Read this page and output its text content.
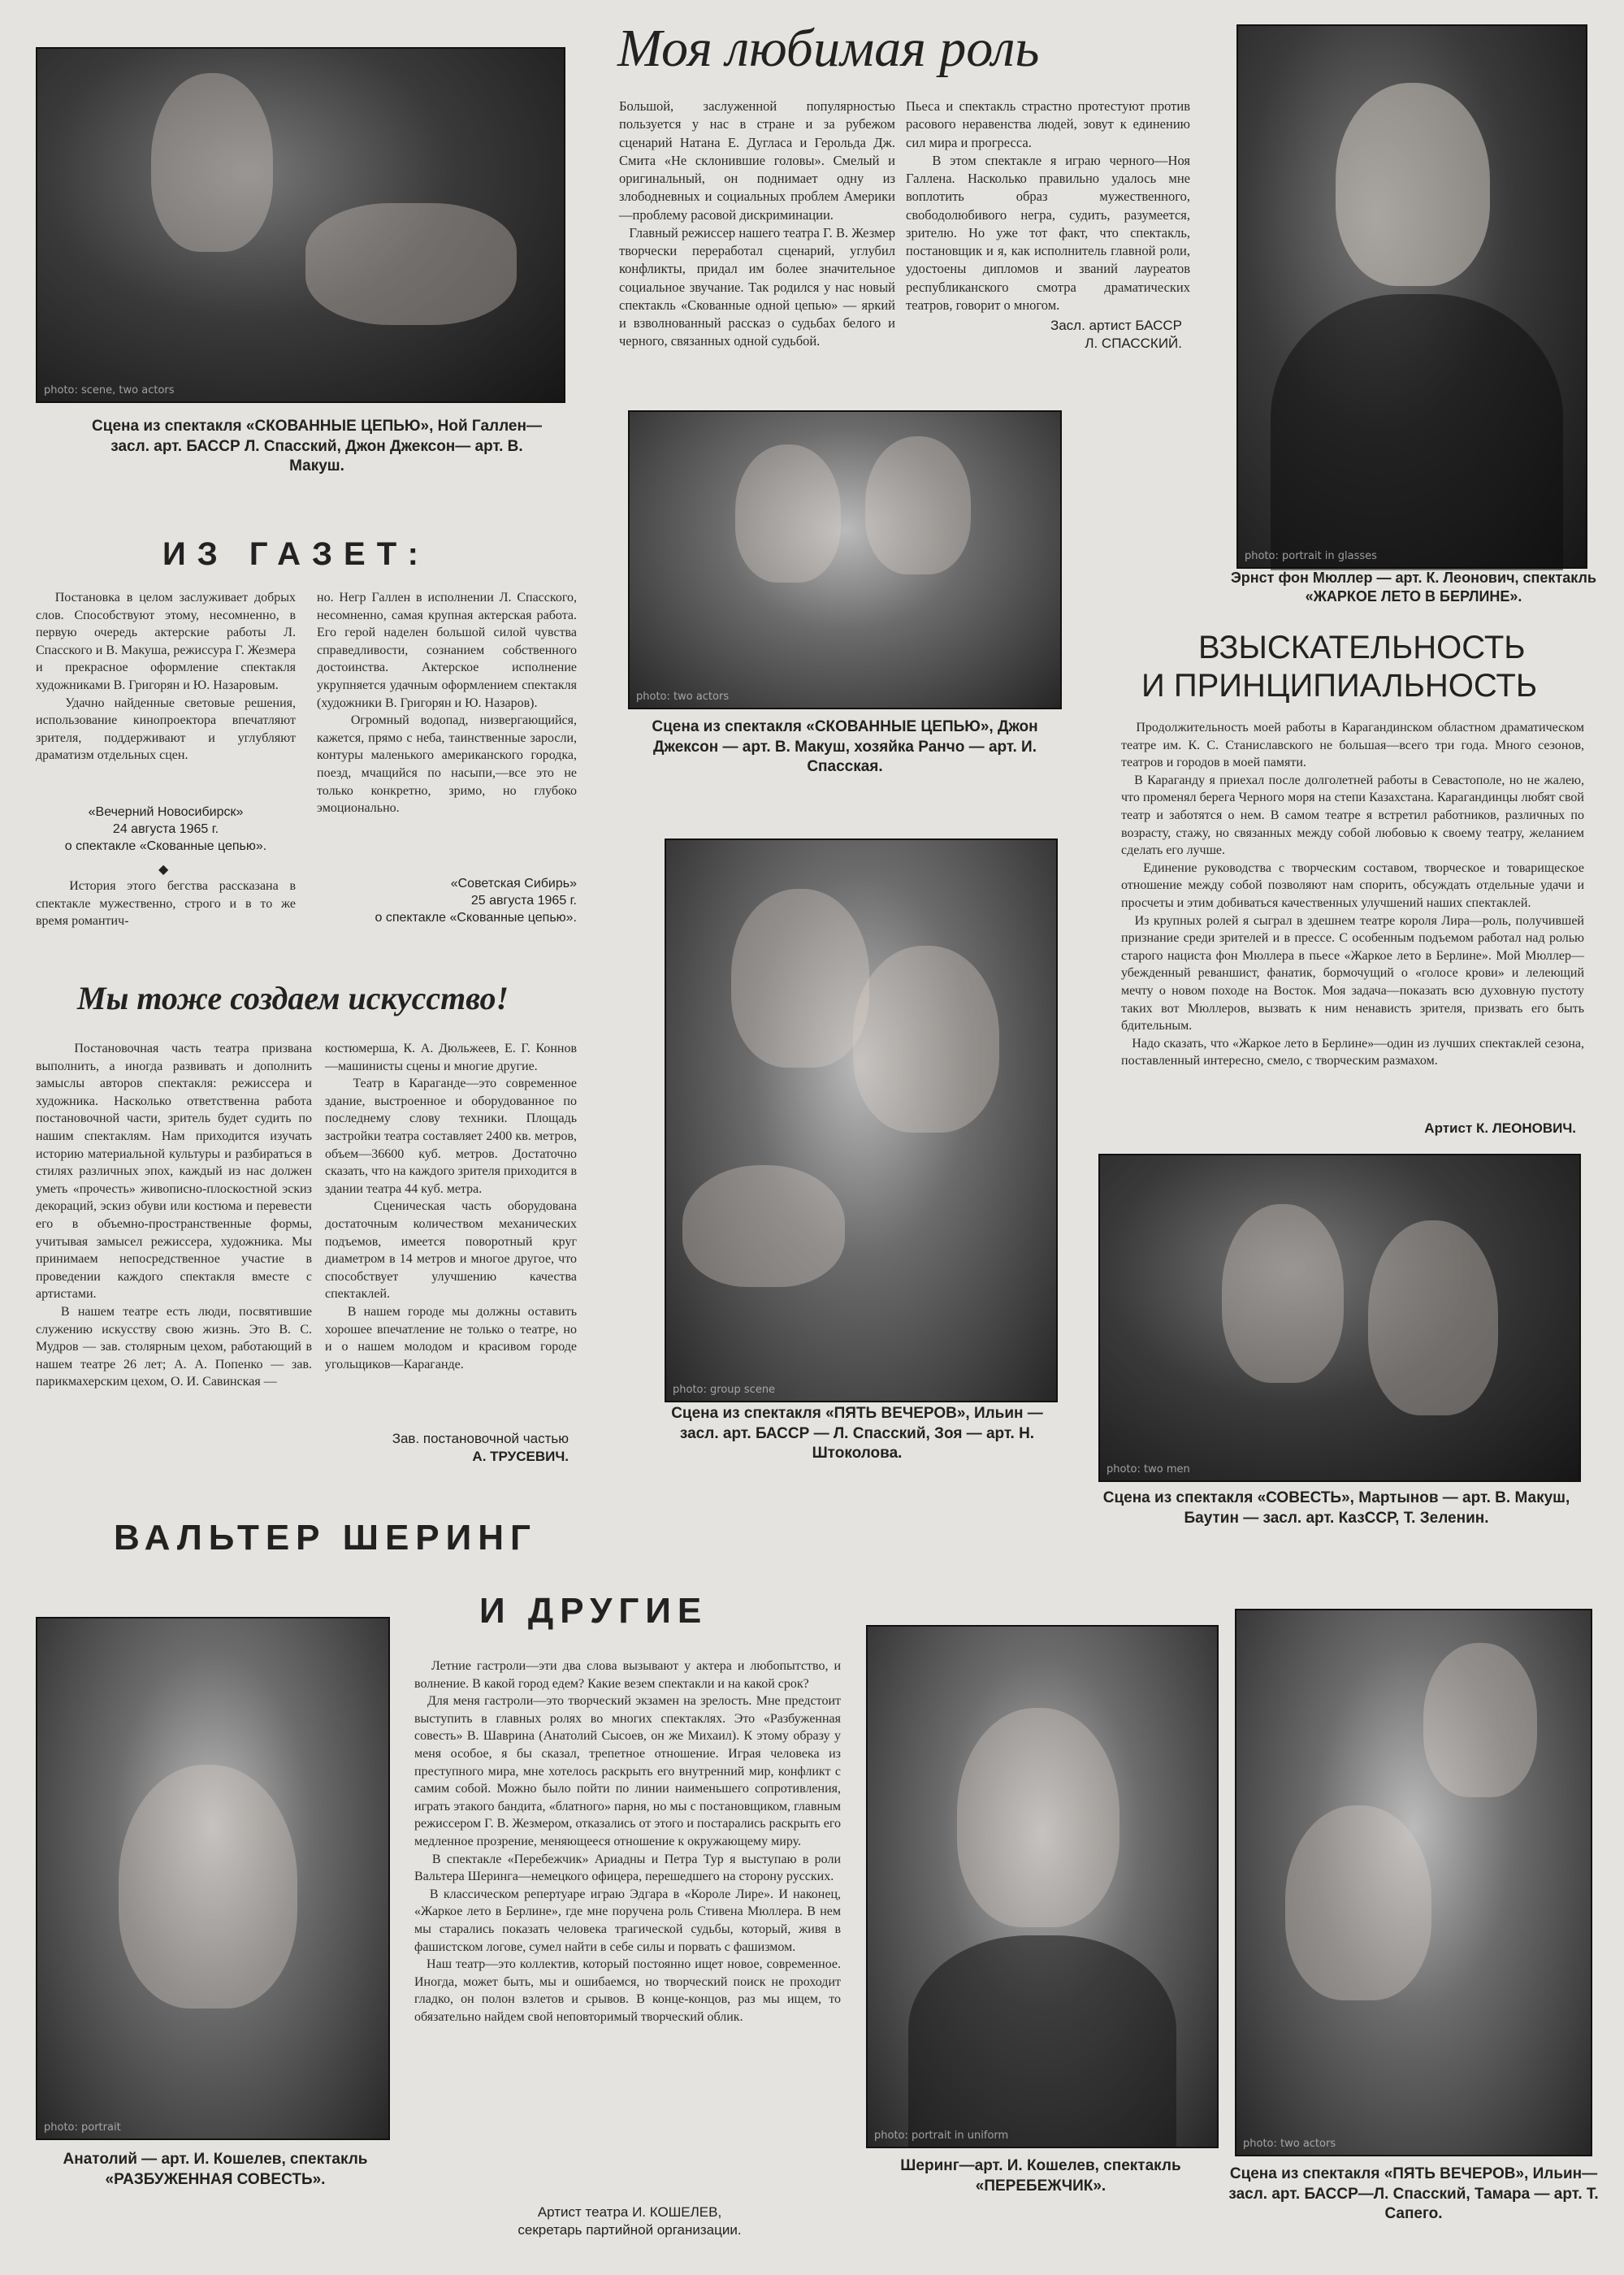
Моя любимая роль
photo: scene, two actors
Сцена из спектакля «СКОВАННЫЕ ЦЕПЬЮ», Ной Галлен—засл. арт. БАССР Л. Спасский, Джон Джексон— арт. В. Макуш.
Большой, заслуженной популярностью пользуется у нас в стране и за рубежом сценарий Натана Е. Дугласа и Герольда Дж. Смита «Не склонившие головы». Смелый и оригинальный, он поднимает одну из злободневных и социальных проблем Америки—проблему расовой дискриминации.
Главный режиссер нашего театра Г. В. Жезмер творчески переработал сценарий, углубил конфликты, придал им более значительное социальное звучание. Так родился у нас новый спектакль «Скованные одной цепью» — яркий и взволнованный рассказ о судьбах белого и черного, связанных одной судьбой.
Пьеса и спектакль страстно протестуют против расового неравенства людей, зовут к единению сил мира и прогресса.
В этом спектакле я играю черного—Ноя Галлена. Насколько правильно удалось мне воплотить образ мужественного, свободолюбивого негра, судить, разумеется, зрителю. Но уже тот факт, что спектакль, постановщик и я, как исполнитель главной роли, удостоены дипломов и званий лауреатов республиканского смотра драматических театров, говорит о многом.
Засл. артист БАССР
Л. СПАССКИЙ.
photo: portrait in glasses
Эрнст фон Мюллер — арт. К. Леонович, спектакль «ЖАРКОЕ ЛЕТО В БЕРЛИНЕ».
photo: two actors
Сцена из спектакля «СКОВАННЫЕ ЦЕПЬЮ», Джон Джексон — арт. В. Макуш, хозяйка Ранчо — арт. И. Спасская.
ИЗ ГАЗЕТ:
Постановка в целом заслуживает добрых слов. Способствуют этому, несомненно, в первую очередь актерские работы Л. Спасского и В. Макуша, режиссура Г. Жезмера и прекрасное оформление спектакля художниками В. Григорян и Ю. Назаровым.
Удачно найденные световые решения, использование кинопроектора впечатляют зрителя, поддерживают и углубляют драматизм отдельных сцен.
«Вечерний Новосибирск»
24 августа 1965 г.
о спектакле «Скованные цепью».
◆
История этого бегства рассказана в спектакле мужественно, строго и в то же время романтич-
но. Негр Галлен в исполнении Л. Спасского, несомненно, самая крупная актерская работа. Его герой наделен большой силой чувства справедливости, сознанием собственного достоинства. Актерское исполнение укрупняется удачным оформлением спектакля (художники В. Григорян и Ю. Назаров).
Огромный водопад, низвергающийся, кажется, прямо с неба, таинственные заросли, контуры маленького американского городка, поезд, мчащийся по насыпи,—все это не только конкретно, зримо, но глубоко эмоционально.
«Советская Сибирь»
25 августа 1965 г.
о спектакле «Скованные цепью».
Мы тоже создаем искусство!
Постановочная часть театра призвана выполнить, а иногда развивать и дополнить замыслы авторов спектакля: режиссера и художника. Насколько ответственна работа постановочной части, зритель будет судить по нашим спектаклям. Нам приходится изучать историю материальной культуры и разбираться в стилях различных эпох, каждый из нас должен уметь «прочесть» живописно-плоскостной эскиз декораций, эскиз обуви или костюма и перевести его в объемно-пространственные формы, учитывая замысел режиссера, художника. Мы принимаем непосредственное участие в проведении каждого спектакля вместе с артистами.
В нашем театре есть люди, посвятившие служению искусству свою жизнь. Это В. С. Мудров — зав. столярным цехом, работающий в нашем театре 26 лет; А. А. Попенко — зав. парикмахерским цехом, О. И. Савинская —
костюмерша, К. А. Дюльжеев, Е. Г. Коннов—машинисты сцены и многие другие.
Театр в Караганде—это современное здание, выстроенное и оборудованное по последнему слову техники. Площадь застройки театра составляет 2400 кв. метров, объем—36600 куб. метров. Достаточно сказать, что на каждого зрителя приходится в здании театра 44 куб. метра.
Сценическая часть оборудована достаточным количеством механических подъемов, имеется поворотный круг диаметром в 14 метров и многое другое, что способствует улучшению качества спектаклей.
В нашем городе мы должны оставить хорошее впечатление не только о театре, но и о нашем молодом и красивом городе угольщиков—Караганде.
Зав. постановочной частью
А. ТРУСЕВИЧ.
photo: group scene
Сцена из спектакля «ПЯТЬ ВЕЧЕРОВ», Ильин — засл. арт. БАССР — Л. Спасский, Зоя — арт. Н. Штоколова.
ВЗЫСКАТЕЛЬНОСТЬ
И ПРИНЦИПИАЛЬНОСТЬ
Продолжительность моей работы в Карагандинском областном драматическом театре им. К. С. Станиславского не большая—всего три года. Много сезонов, театров и городов в моей памяти.
В Караганду я приехал после долголетней работы в Севастополе, но не жалею, что променял берега Черного моря на степи Казахстана. Карагандинцы любят свой театр и заботятся о нем. В самом театре я встретил работников, различных по возрасту, стажу, но связанных между собой любовью к своему театру, желанием сделать его лучше.
Единение руководства с творческим составом, творческое и товарищеское отношение между собой позволяют нам спорить, обсуждать отдельные удачи и просчеты и этим добиваться качественных улучшений наших спектаклей.
Из крупных ролей я сыграл в здешнем театре короля Лира—роль, получившей признание среди зрителей и в прессе. С особенным подъемом работал над ролью старого нациста фон Мюллера в пьесе «Жаркое лето в Берлине». Мой Мюллер—убежденный реваншист, фанатик, бормочущий о «голосе крови» и лелеющий мечту о новом походе на Восток. Моя задача—показать всю духовную пустоту таких вот Мюллеров, вызвать к ним ненависть зрителя, призвать его быть бдительным.
Надо сказать, что «Жаркое лето в Берлине»—один из лучших спектаклей сезона, поставленный интересно, смело, с творческим размахом.
Артист К. ЛЕОНОВИЧ.
photo: two men
Сцена из спектакля «СОВЕСТЬ», Мартынов — арт. В. Макуш, Баутин — засл. арт. КазССР, Т. Зеленин.
ВАЛЬТЕР ШЕРИНГ
И ДРУГИЕ
photo: portrait
Анатолий — арт. И. Кошелев, спектакль «РАЗБУЖЕННАЯ СОВЕСТЬ».
Летние гастроли—эти два слова вызывают у актера и любопытство, и волнение. В какой город едем? Какие везем спектакли и на какой срок?
Для меня гастроли—это творческий экзамен на зрелость. Мне предстоит выступить в главных ролях во многих спектаклях. Это «Разбуженная совесть» В. Шаврина (Анатолий Сысоев, он же Михаил). К этому образу у меня особое, я бы сказал, трепетное отношение. Играя человека из преступного мира, мне хотелось раскрыть его внутренний мир, конфликт с самим собой. Можно было пойти по линии наименьшего сопротивления, играть этакого бандита, «блатного» парня, но мы с постановщиком, главным режиссером Г. В. Жезмером, отказались от этого и постарались раскрыть его медленное прозрение, меняющееся отношение к окружающему миру.
В спектакле «Перебежчик» Ариадны и Петра Тур я выступаю в роли Вальтера Шеринга—немецкого офицера, перешедшего на сторону русских.
В классическом репертуаре играю Эдгара в «Короле Лире». И наконец, «Жаркое лето в Берлине», где мне поручена роль Стивена Мюллера. В нем мы старались показать человека трагической судьбы, который, живя в фашистском логове, сумел найти в себе силы и порвать с фашизмом.
Наш театр—это коллектив, который постоянно ищет новое, современное. Иногда, может быть, мы и ошибаемся, но творческий поиск не проходит гладко, он полон взлетов и срывов. В конце-концов, раз мы ищем, то обязательно найдем свой неповторимый творческий облик.
Артист театра И. КОШЕЛЕВ,
секретарь партийной организации.
photo: portrait in uniform
Шеринг—арт. И. Кошелев, спектакль «ПЕРЕБЕЖЧИК».
photo: two actors
Сцена из спектакля «ПЯТЬ ВЕЧЕРОВ», Ильин—засл. арт. БАССР—Л. Спасский, Тамара — арт. Т. Сапего.
